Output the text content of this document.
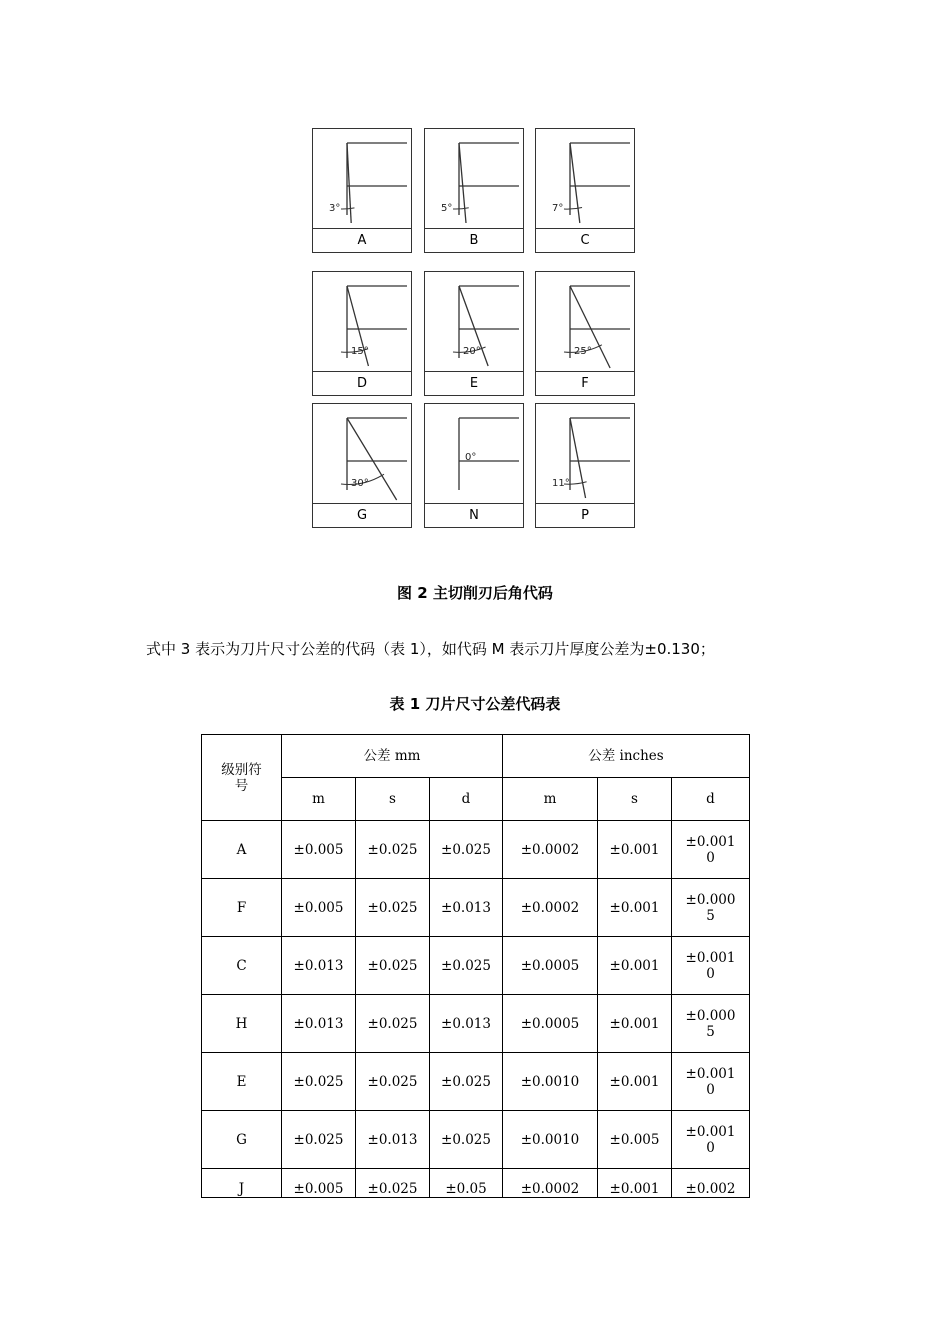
3°
A
5°
B
7°
C
15°
D
20°
E
25°
F
30°
G
0°
N
11°
P
图 2 主切削刃后角代码
式中 3 表示为刀片尺寸公差的代码（表 1），如代码 M 表示刀片厚度公差为±0.130；
表 1 刀片尺寸公差代码表
级别符号	公差 mm			公差 inches		
	m	s	d	m	s	d
A	±0.005	±0.025	±0.025	±0.0002	±0.001	±0.0010
F	±0.005	±0.025	±0.013	±0.0002	±0.001	±0.0005
C	±0.013	±0.025	±0.025	±0.0005	±0.001	±0.0010
H	±0.013	±0.025	±0.013	±0.0005	±0.001	±0.0005
E	±0.025	±0.025	±0.025	±0.0010	±0.001	±0.0010
G	±0.025	±0.013	±0.025	±0.0010	±0.005	±0.0010
J	±0.005	±0.025	±0.05	±0.0002	±0.001	±0.002
